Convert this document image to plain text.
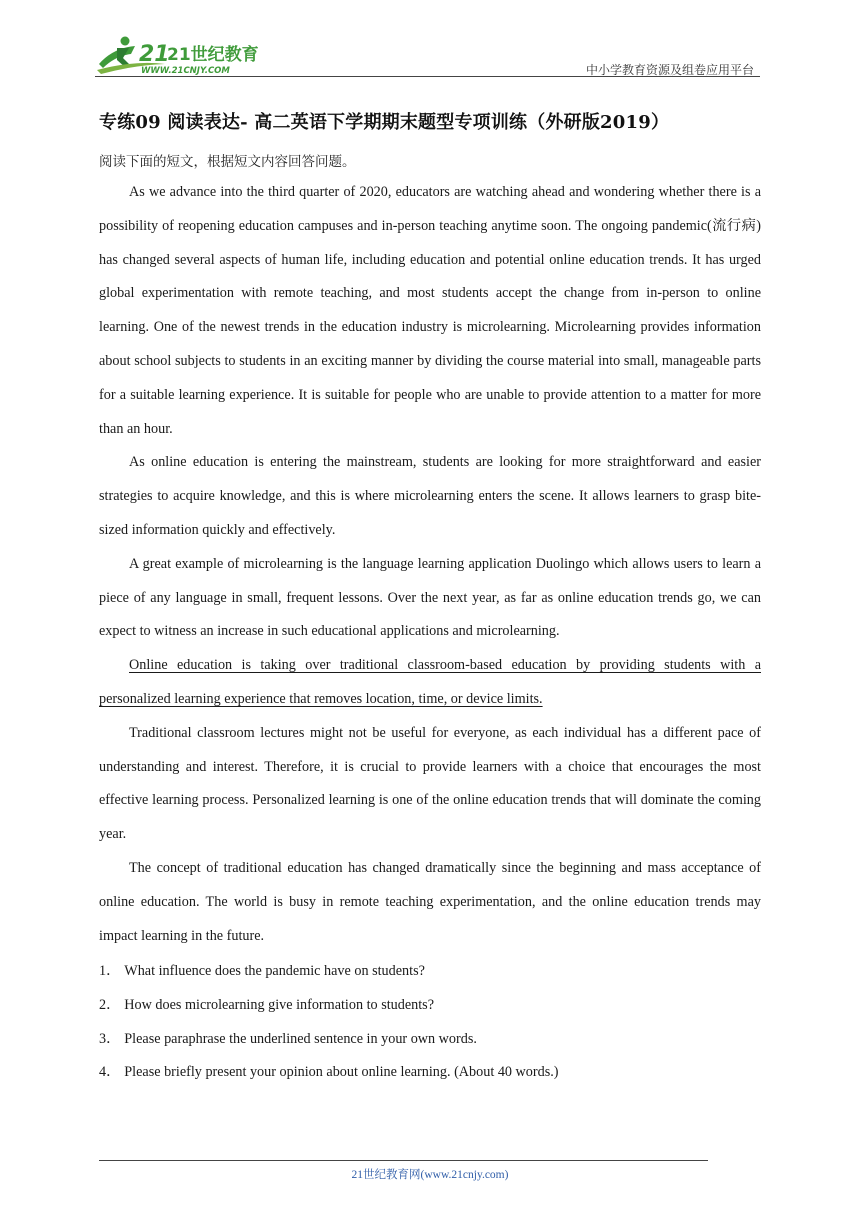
21
21世纪教育
WWW.21CNJY.COM	中小学教育资源及组卷应用平台
专练09 阅读表达- 高二英语下学期期末题型专项训练（外研版2019）
阅读下面的短文，根据短文内容回答问题。

As we advance into the third quarter of 2020, educators are watching ahead and wondering whether there is a possibility of reopening education campuses and in-person teaching anytime soon. The ongoing pandemic(流行病) has changed several aspects of human life, including education and potential online education trends. It has urged global experimentation with remote teaching, and most students accept the change from in-person to online learning. One of the newest trends in the education industry is microlearning. Microlearning provides information about school subjects to students in an exciting manner by dividing the course material into small, manageable parts for a suitable learning experience. It is suitable for people who are unable to provide attention to a matter for more than an hour.

As online education is entering the mainstream, students are looking for more straightforward and easier strategies to acquire knowledge, and this is where microlearning enters the scene. It allows learners to grasp bite- sized information quickly and effectively.

A great example of microlearning is the language learning application Duolingo which allows users to learn a piece of any language in small, frequent lessons. Over the next year, as far as online education trends go, we can expect to witness an increase in such educational applications and microlearning.

Online education is taking over traditional classroom-based education by providing students with a personalized learning experience that removes location, time, or device limits.

Traditional classroom lectures might not be useful for everyone, as each individual has a different pace of understanding and interest. Therefore, it is crucial to provide learners with a choice that encourages the most effective learning process. Personalized learning is one of the online education trends that will dominate the coming year.

The concept of traditional education has changed dramatically since the beginning and mass acceptance of online education. The world is busy in remote teaching experimentation, and the online education trends may impact learning in the future.

1． What influence does the pandemic have on students?
2． How does microlearning give information to students?
3． Please paraphrase the underlined sentence in your own words.
4． Please briefly present your opinion about online learning. (About 40 words.)
21世纪教育网(www.21cnjy.com)
